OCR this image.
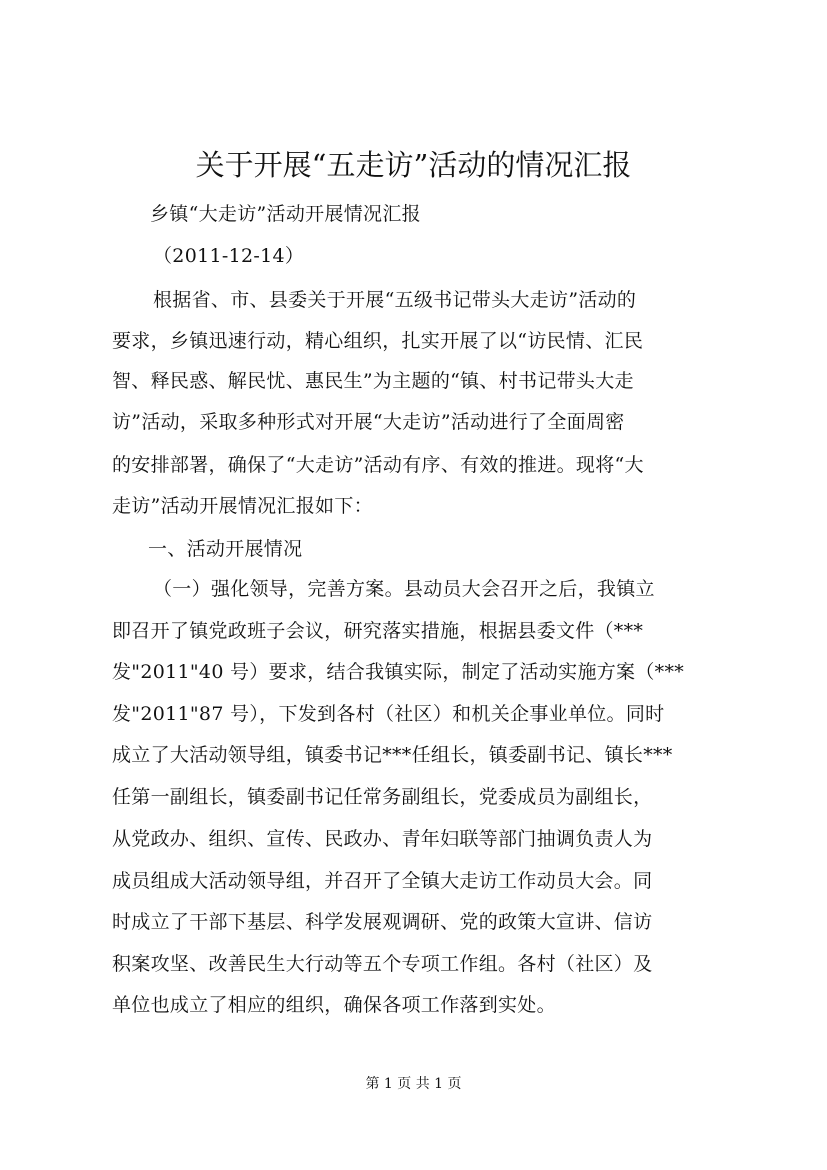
关于开展“五走访”活动的情况汇报
乡镇“大走访”活动开展情况汇报
（2011-12-14）
根据省、市、县委关于开展“五级书记带头大走访”活动的
要求，乡镇迅速行动，精心组织，扎实开展了以“访民情、汇民
智、释民惑、解民忧、惠民生”为主题的“镇、村书记带头大走
访”活动，采取多种形式对开展“大走访”活动进行了全面周密
的安排部署，确保了“大走访”活动有序、有效的推进。现将“大
走访”活动开展情况汇报如下：
一、活动开展情况
（一）强化领导，完善方案。县动员大会召开之后，我镇立
即召开了镇党政班子会议，研究落实措施，根据县委文件（***
发"2011"40 号）要求，结合我镇实际，制定了活动实施方案（***
发"2011"87 号），下发到各村（社区）和机关企事业单位。同时
成立了大活动领导组，镇委书记***任组长，镇委副书记、镇长***
任第一副组长，镇委副书记任常务副组长，党委成员为副组长，
从党政办、组织、宣传、民政办、青年妇联等部门抽调负责人为
成员组成大活动领导组，并召开了全镇大走访工作动员大会。同
时成立了干部下基层、科学发展观调研、党的政策大宣讲、信访
积案攻坚、改善民生大行动等五个专项工作组。各村（社区）及
单位也成立了相应的组织，确保各项工作落到实处。
第 1 页 共 1 页
